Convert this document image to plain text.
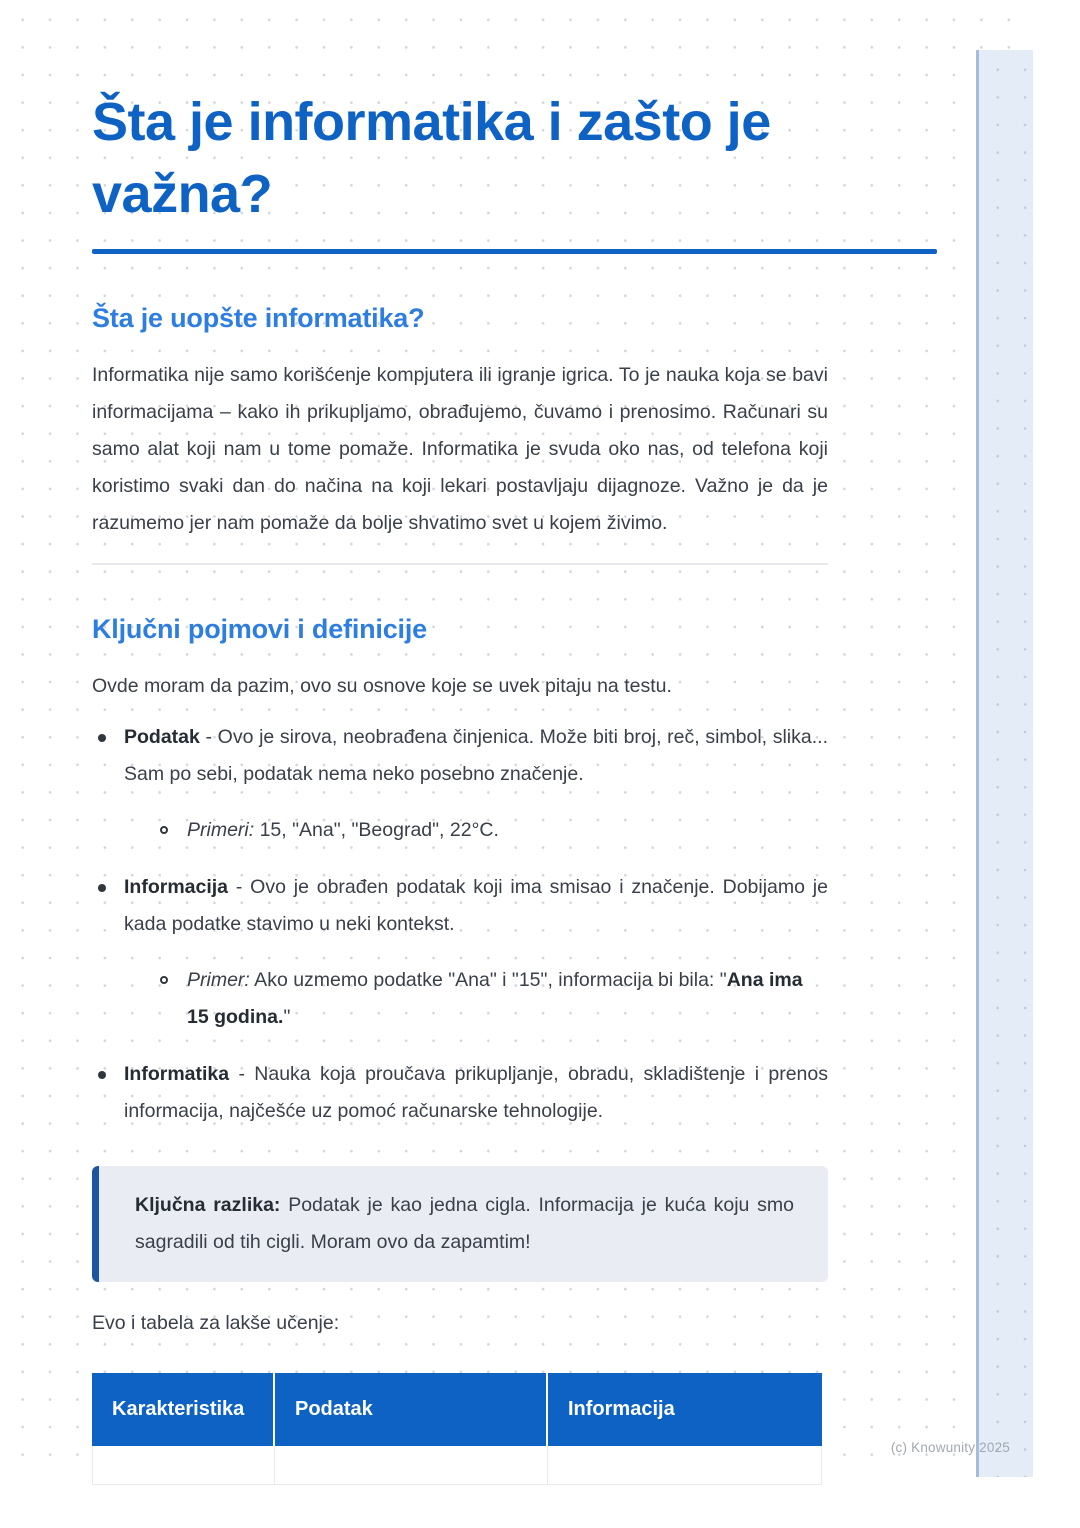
Šta je informatika i zašto je važna?
Šta je uopšte informatika?

Informatika nije samo korišćenje kompjutera ili igranje igrica. To je nauka koja se bavi informacijama – kako ih prikupljamo, obrađujemo, čuvamo i prenosimo. Računari su samo alat koji nam u tome pomaže. Informatika je svuda oko nas, od telefona koji koristimo svaki dan do načina na koji lekari postavljaju dijagnoze. Važno je da je razumemo jer nam pomaže da bolje shvatimo svet u kojem živimo.

Ključni pojmovi i definicije

Ovde moram da pazim, ovo su osnove koje se uvek pitaju na testu.

Podatak - Ovo je sirova, neobrađena činjenica. Može biti broj, reč, simbol, slika... Sam po sebi, podatak nema neko posebno značenje.
Primeri: 15, "Ana", "Beograd", 22°C.
Informacija - Ovo je obrađen podatak koji ima smisao i značenje. Dobijamo je kada podatke stavimo u neki kontekst.
Primer: Ako uzmemo podatke "Ana" i "15", informacija bi bila: "Ana ima 15 godina."
Informatika - Nauka koja proučava prikupljanje, obradu, skladištenje i prenos informacija, najčešće uz pomoć računarske tehnologije.
Ključna razlika: Podatak je kao jedna cigla. Informacija je kuća koju smo sagradili od tih cigli. Moram ovo da zapamtim!

Evo i tabela za lakše učenje:

Karakteristika	Podatak	Informacija

(c) Knowunity 2025
